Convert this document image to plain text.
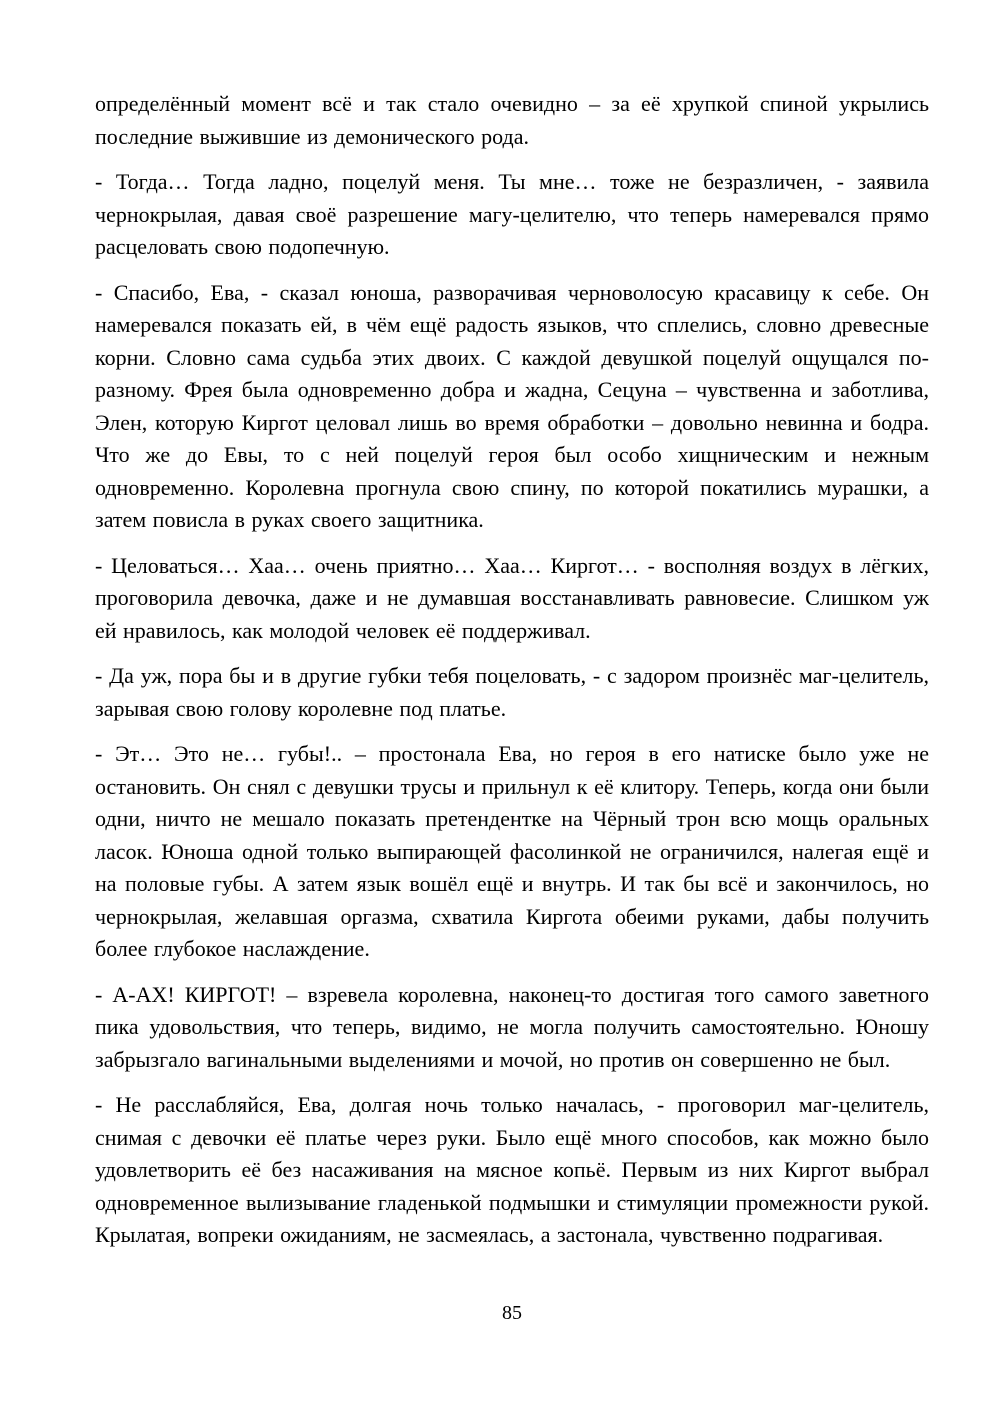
определённый момент всё и так стало очевидно – за её хрупкой спиной укрылись последние выжившие из демонического рода.

- Тогда… Тогда ладно, поцелуй меня. Ты мне… тоже не безразличен, - заявила чернокрылая, давая своё разрешение магу-целителю, что теперь намеревался прямо расцеловать свою подопечную.

- Спасибо, Ева, - сказал юноша, разворачивая черноволосую красавицу к себе. Он намеревался показать ей, в чём ещё радость языков, что сплелись, словно древесные корни. Словно сама судьба этих двоих. С каждой девушкой поцелуй ощущался по-разному. Фрея была одновременно добра и жадна, Сецуна – чувственна и заботлива, Элен, которую Киргот целовал лишь во время обработки – довольно невинна и бодра. Что же до Евы, то с ней поцелуй героя был особо хищническим и нежным одновременно. Королевна прогнула свою спину, по которой покатились мурашки, а затем повисла в руках своего защитника.

- Целоваться… Хаа… очень приятно… Хаа… Киргот… - восполняя воздух в лёгких, проговорила девочка, даже и не думавшая восстанавливать равновесие. Слишком уж ей нравилось, как молодой человек её поддерживал.

- Да уж, пора бы и в другие губки тебя поцеловать, - с задором произнёс маг-целитель, зарывая свою голову королевне под платье.

- Эт… Это не… губы!.. – простонала Ева, но героя в его натиске было уже не остановить. Он снял с девушки трусы и прильнул к её клитору. Теперь, когда они были одни, ничто не мешало показать претендентке на Чёрный трон всю мощь оральных ласок. Юноша одной только выпирающей фасолинкой не ограничился, налегая ещё и на половые губы. А затем язык вошёл ещё и внутрь. И так бы всё и закончилось, но чернокрылая, желавшая оргазма, схватила Киргота обеими руками, дабы получить более глубокое наслаждение.

- А-АХ! КИРГОТ! – взревела королевна, наконец-то достигая того самого заветного пика удовольствия, что теперь, видимо, не могла получить самостоятельно. Юношу забрызгало вагинальными выделениями и мочой, но против он совершенно не был.

- Не расслабляйся, Ева, долгая ночь только началась, - проговорил маг-целитель, снимая с девочки её платье через руки. Было ещё много способов, как можно было удовлетворить её без насаживания на мясное копьё. Первым из них Киргот выбрал одновременное вылизывание гладенькой подмышки и стимуляции промежности рукой. Крылатая, вопреки ожиданиям, не засмеялась, а застонала, чувственно подрагивая.

85
